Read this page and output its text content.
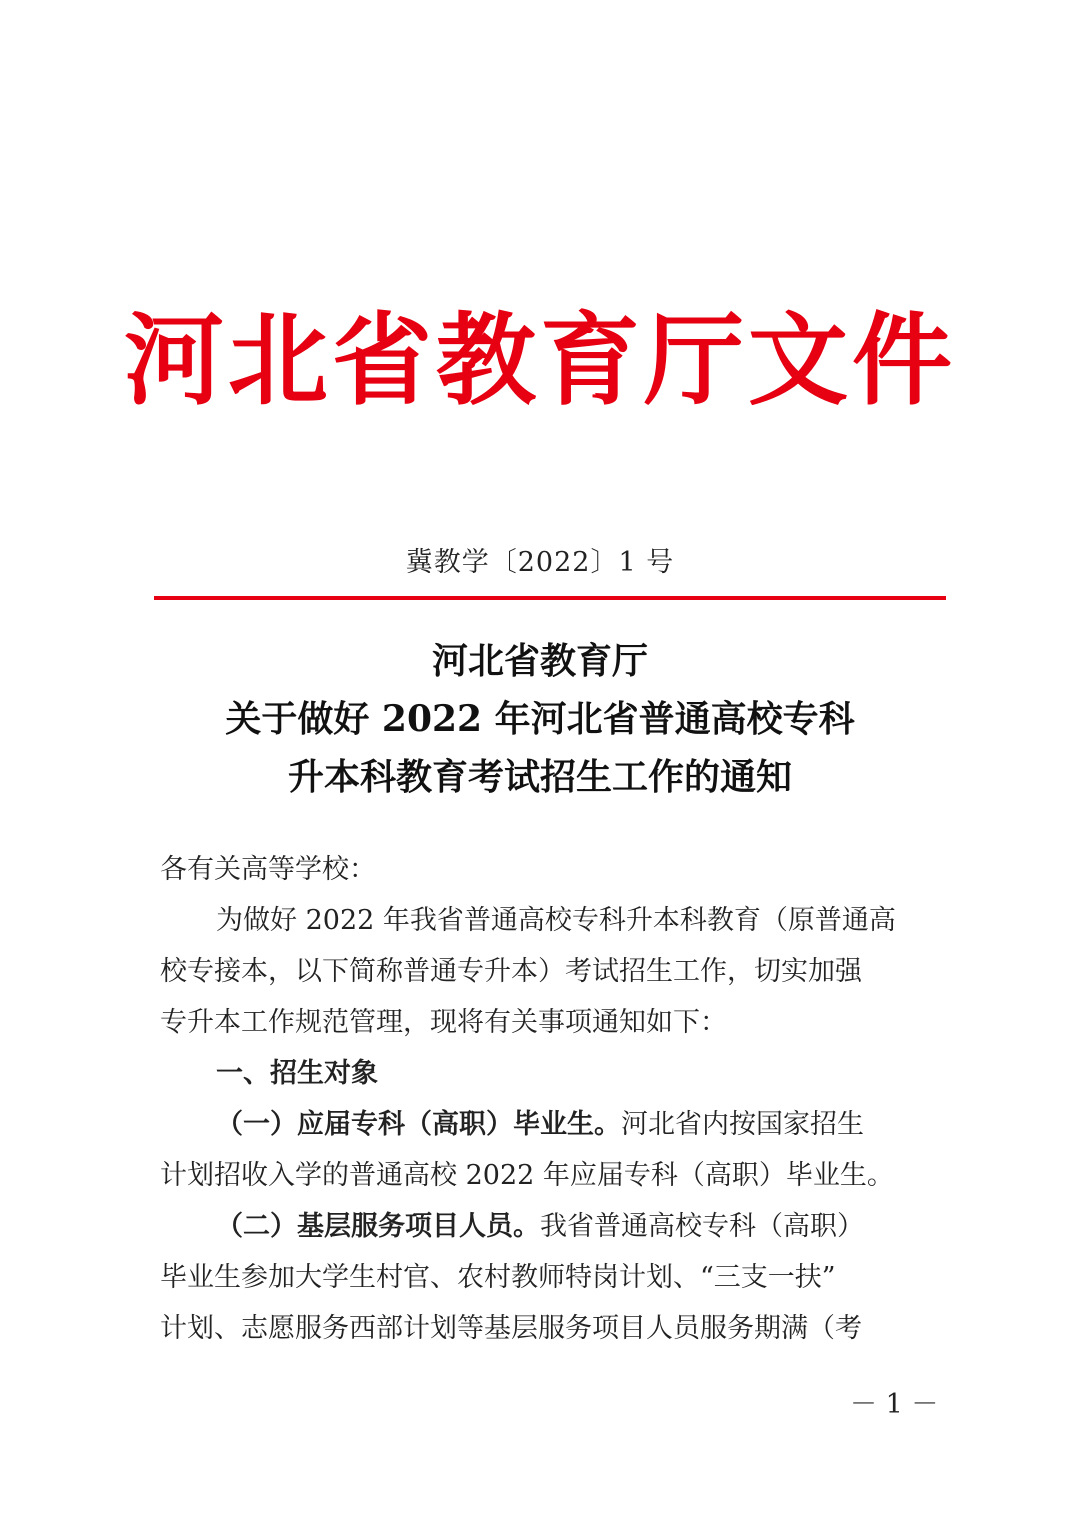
河北省教育厅文件
冀教学〔2022〕1 号
河北省教育厅
关于做好 2022 年河北省普通高校专科
升本科教育考试招生工作的通知
各有关高等学校：
为做好 2022 年我省普通高校专科升本科教育（原普通高
校专接本，以下简称普通专升本）考试招生工作，切实加强
专升本工作规范管理，现将有关事项通知如下：
一、招生对象
（一）应届专科（高职）毕业生。河北省内按国家招生
计划招收入学的普通高校 2022 年应届专科（高职）毕业生。
（二）基层服务项目人员。我省普通高校专科（高职）
毕业生参加大学生村官、农村教师特岗计划、“三支一扶”
计划、志愿服务西部计划等基层服务项目人员服务期满（考
－ 1 －
